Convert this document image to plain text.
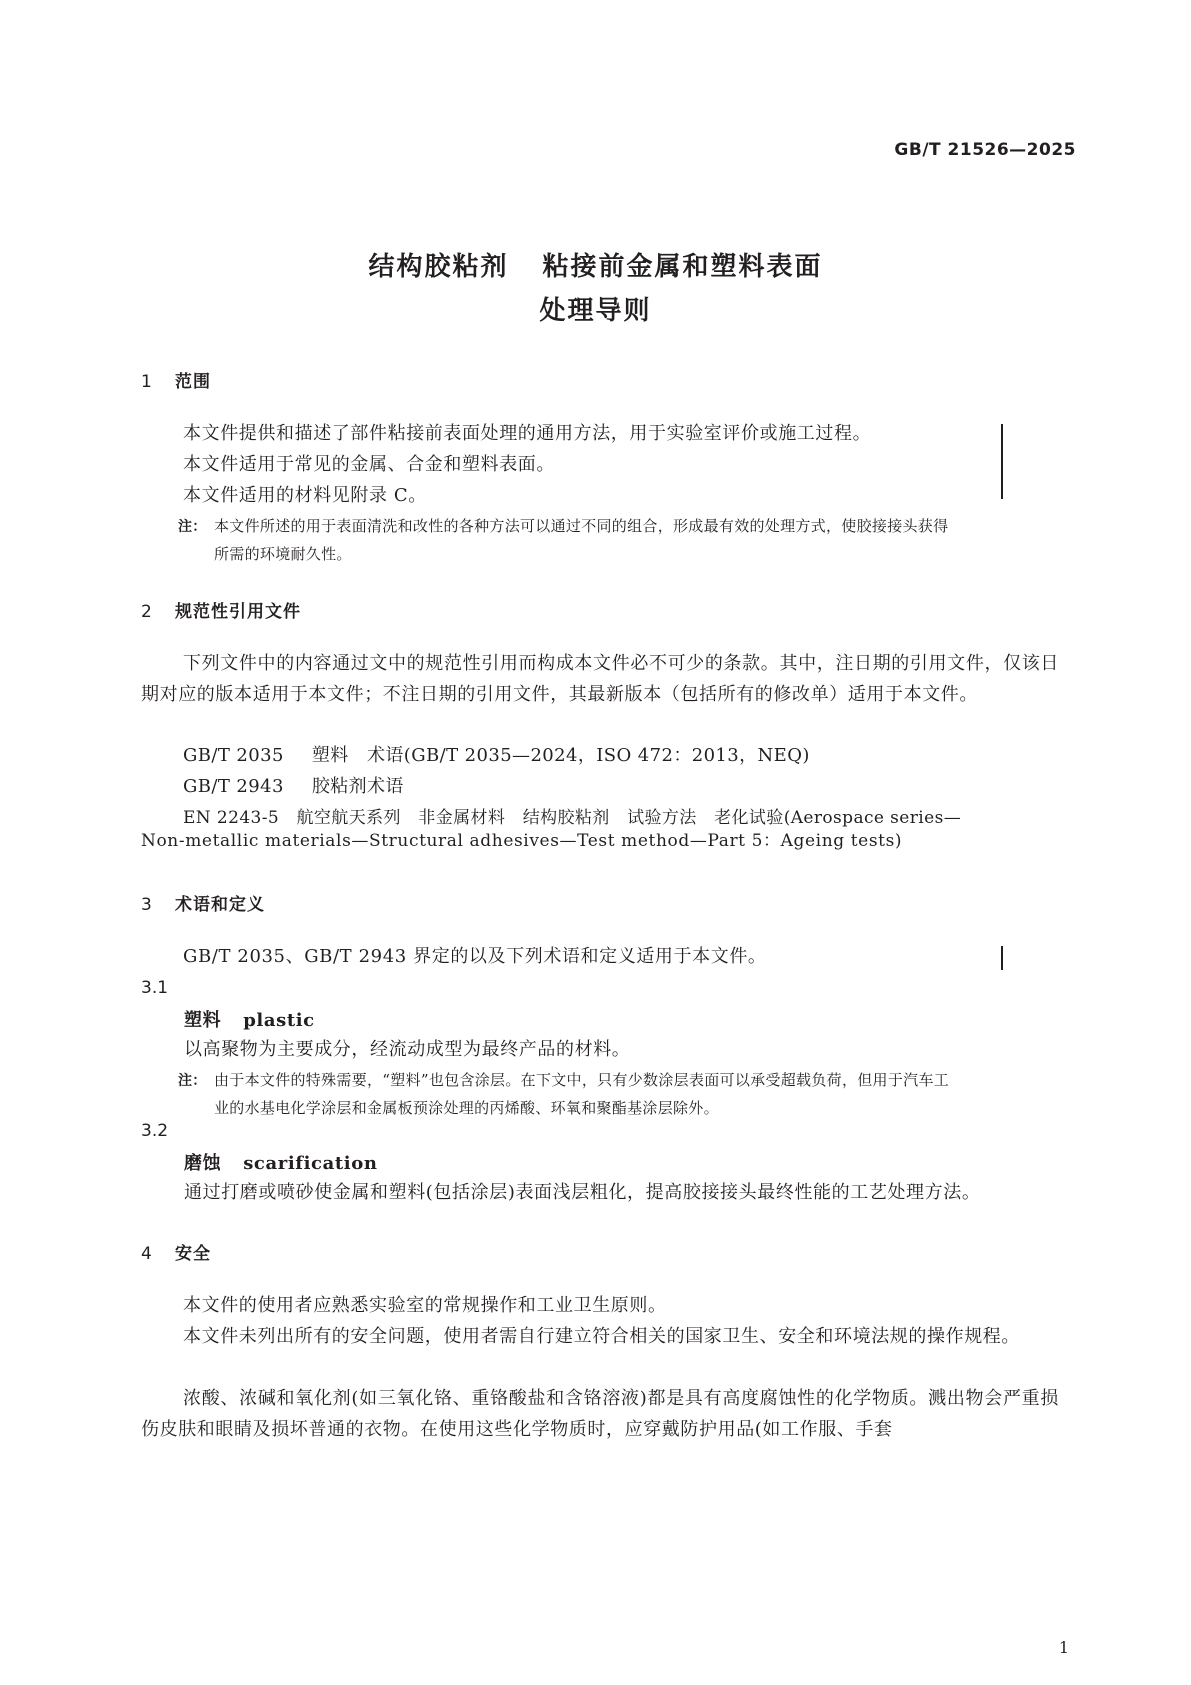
GB/T 21526—2025
结构胶粘剂 粘接前金属和塑料表面
处理导则
1 范围
本文件提供和描述了部件粘接前表面处理的通用方法，用于实验室评价或施工过程。
本文件适用于常见的金属、合金和塑料表面。
本文件适用的材料见附录 C。
注： 本文件所述的用于表面清洗和改性的各种方法可以通过不同的组合，形成最有效的处理方式，使胶接接头获得
所需的环境耐久性。
2 规范性引用文件
下列文件中的内容通过文中的规范性引用而构成本文件必不可少的条款。其中，注日期的引用文件，仅该日期对应的版本适用于本文件；不注日期的引用文件，其最新版本（包括所有的修改单）适用于本文件。
GB/T 2035 塑料　术语(GB/T 2035—2024，ISO 472：2013，NEQ)
GB/T 2943 胶粘剂术语
EN 2243-5　航空航天系列　非金属材料　结构胶粘剂　试验方法　老化试验(Aerospace series—
Non-metallic materials—Structural adhesives—Test method—Part 5：Ageing tests)
3 术语和定义
GB/T 2035、GB/T 2943 界定的以及下列术语和定义适用于本文件。
3.1
塑料 plastic
以高聚物为主要成分，经流动成型为最终产品的材料。
注： 由于本文件的特殊需要，“塑料”也包含涂层。在下文中，只有少数涂层表面可以承受超载负荷，但用于汽车工
业的水基电化学涂层和金属板预涂处理的丙烯酸、环氧和聚酯基涂层除外。
3.2
磨蚀 scarification
通过打磨或喷砂使金属和塑料(包括涂层)表面浅层粗化，提高胶接接头最终性能的工艺处理方法。
4 安全
本文件的使用者应熟悉实验室的常规操作和工业卫生原则。
本文件未列出所有的安全问题，使用者需自行建立符合相关的国家卫生、安全和环境法规的操作规程。
浓酸、浓碱和氧化剂(如三氧化铬、重铬酸盐和含铬溶液)都是具有高度腐蚀性的化学物质。溅出物会严重损伤皮肤和眼睛及损坏普通的衣物。在使用这些化学物质时，应穿戴防护用品(如工作服、手套
1
